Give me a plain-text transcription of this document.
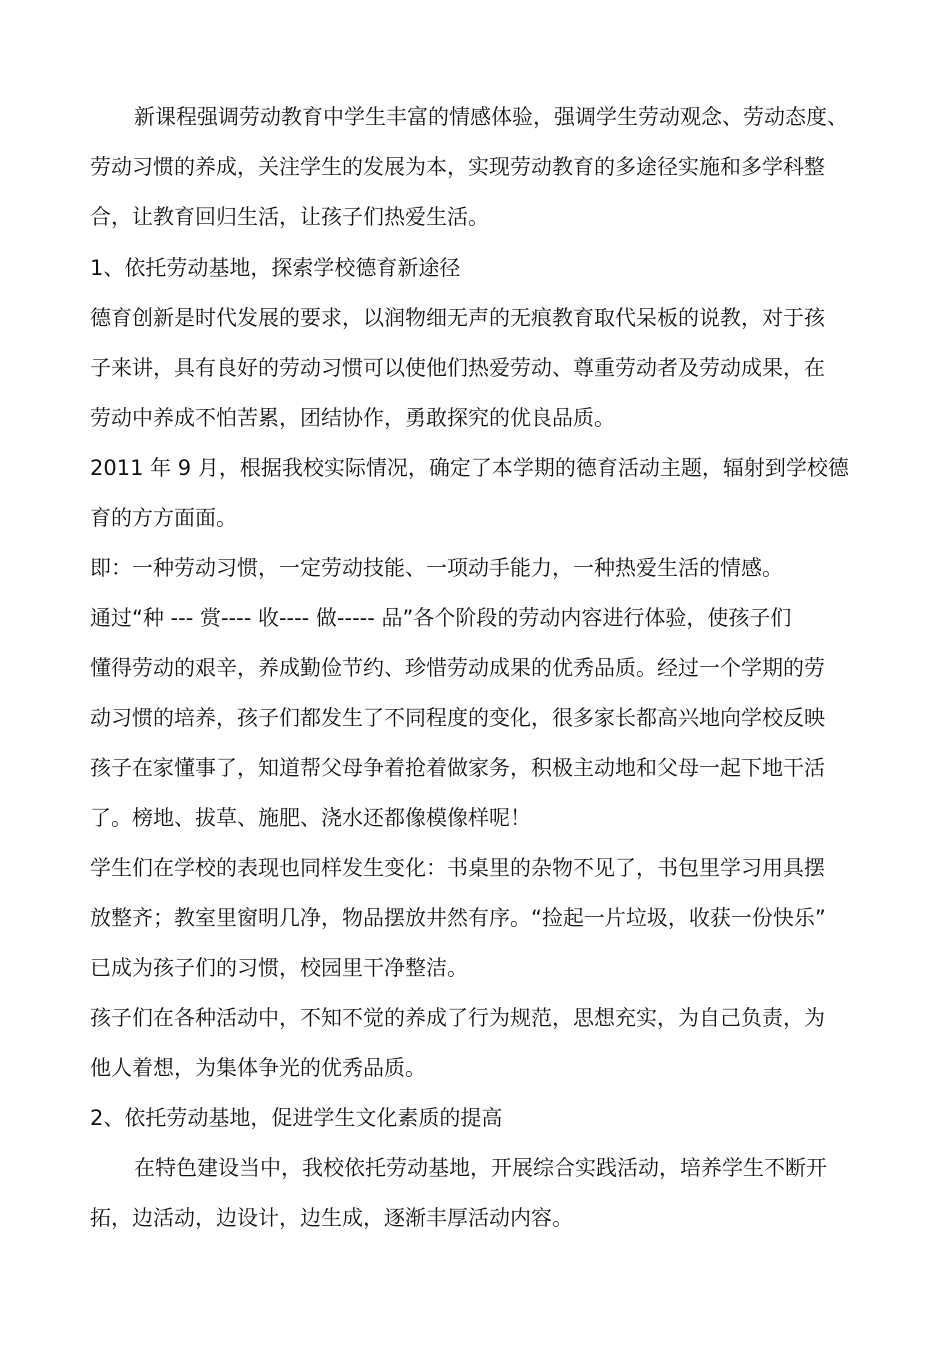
新课程强调劳动教育中学生丰富的情感体验，强调学生劳动观念、劳动态度、
劳动习惯的养成，关注学生的发展为本，实现劳动教育的多途径实施和多学科整
合，让教育回归生活，让孩子们热爱生活。
1、依托劳动基地，探索学校德育新途径
德育创新是时代发展的要求，以润物细无声的无痕教育取代呆板的说教，对于孩
子来讲，具有良好的劳动习惯可以使他们热爱劳动、尊重劳动者及劳动成果，在
劳动中养成不怕苦累，团结协作，勇敢探究的优良品质。
2011 年 9 月，根据我校实际情况，确定了本学期的德育活动主题，辐射到学校德
育的方方面面。
即：一种劳动习惯，一定劳动技能、一项动手能力，一种热爱生活的情感。
通过“种 --- 赏---- 收---- 做----- 品”各个阶段的劳动内容进行体验，使孩子们
懂得劳动的艰辛，养成勤俭节约、珍惜劳动成果的优秀品质。经过一个学期的劳
动习惯的培养，孩子们都发生了不同程度的变化，很多家长都高兴地向学校反映
孩子在家懂事了，知道帮父母争着抢着做家务，积极主动地和父母一起下地干活
了。榜地、拔草、施肥、浇水还都像模像样呢！
学生们在学校的表现也同样发生变化：书桌里的杂物不见了，书包里学习用具摆
放整齐；教室里窗明几净，物品摆放井然有序。“捡起一片垃圾，收获一份快乐”
已成为孩子们的习惯，校园里干净整洁。
孩子们在各种活动中，不知不觉的养成了行为规范，思想充实，为自己负责，为
他人着想，为集体争光的优秀品质。
2、依托劳动基地，促进学生文化素质的提高
在特色建设当中，我校依托劳动基地，开展综合实践活动，培养学生不断开
拓，边活动，边设计，边生成，逐渐丰厚活动内容。
